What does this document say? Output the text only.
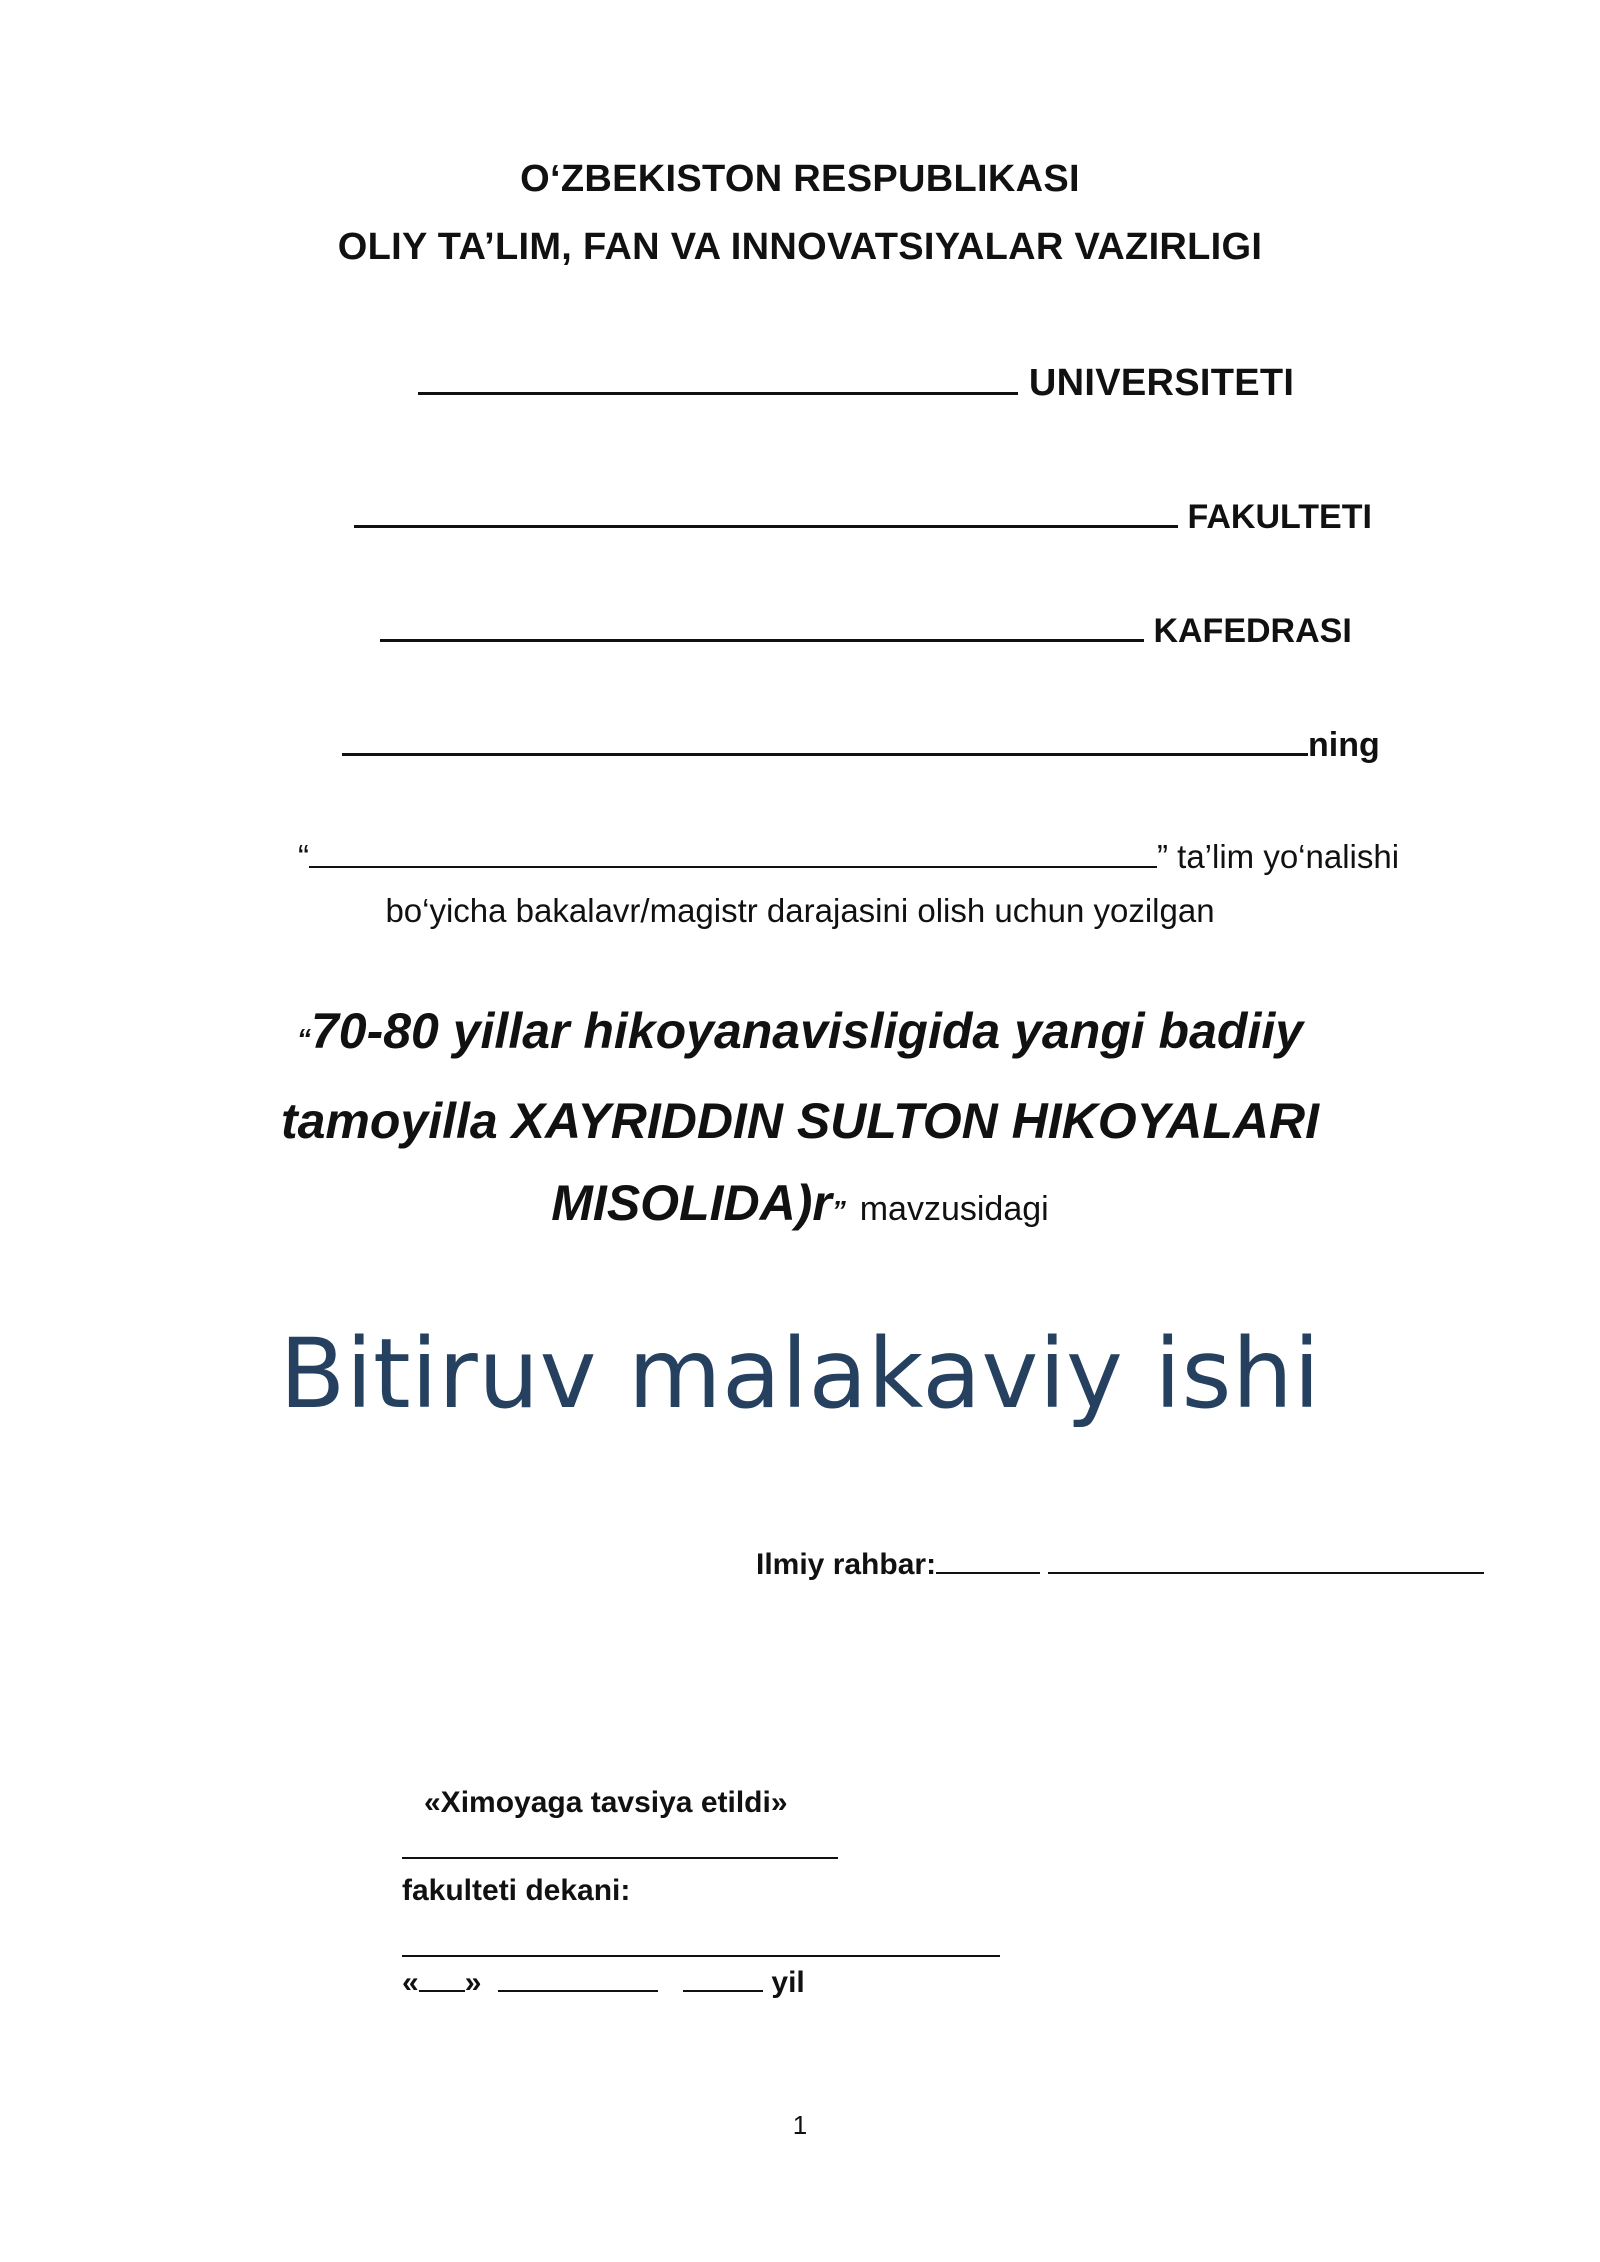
O‘ZBEKISTON RESPUBLIKASI
OLIY TA’LIM, FAN VA INNOVATSIYALAR VAZIRLIGI
UNIVERSITETI
FAKULTETI
KAFEDRASI
ning
“	” ta’lim yo‘nalishi
bo‘yicha bakalavr/magistr darajasini olish uchun yozilgan
“70-80 yillar hikoyanavisligida yangi badiiy
tamoyilla XAYRIDDIN SULTON HIKOYALARI
MISOLIDA)r” mavzusidagi
Bitiruv malakaviy ishi
Ilmiy rahbar:
«Ximoyaga tavsiya etildi»
fakulteti dekani:
« »	yil
1
